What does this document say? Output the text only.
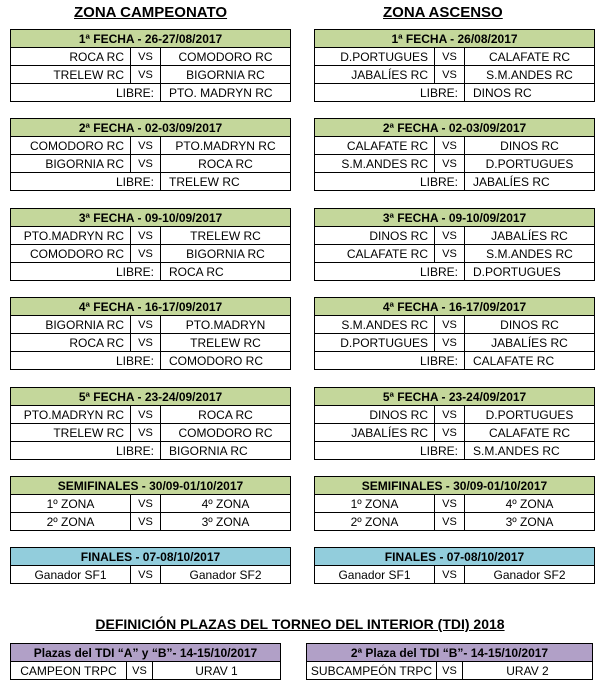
ZONA CAMPEONATO	ZONA ASCENSO
1ª FECHA - 26-27/08/2017		
ROCA RC	VS	COMODORO RC
TRELEW RC	VS	BIGORNIA RC
LIBRE:		PTO. MADRYN RC
1ª FECHA - 26/08/2017		
D.PORTUGUES	VS	CALAFATE RC
JABALÍES RC	VS	S.M.ANDES RC
LIBRE:		DINOS RC
2ª FECHA - 02-03/09/2017		
COMODORO RC	VS	PTO.MADRYN RC
BIGORNIA RC	VS	ROCA RC
LIBRE:		TRELEW RC
2ª FECHA - 02-03/09/2017		
CALAFATE RC	VS	DINOS RC
S.M.ANDES RC	VS	D.PORTUGUES
LIBRE:		JABALÍES RC
3ª FECHA - 09-10/09/2017		
PTO.MADRYN RC	VS	TRELEW RC
COMODORO RC	VS	BIGORNIA RC
LIBRE:		ROCA RC
3ª FECHA - 09-10/09/2017		
DINOS RC	VS	JABALÍES RC
CALAFATE RC	VS	S.M.ANDES RC
LIBRE:		D.PORTUGUES
4ª FECHA - 16-17/09/2017		
BIGORNIA RC	VS	PTO.MADRYN
ROCA RC	VS	TRELEW RC
LIBRE:		COMODORO RC
4ª FECHA - 16-17/09/2017		
S.M.ANDES RC	VS	DINOS RC
D.PORTUGUES	VS	JABALÍES RC
LIBRE:		CALAFATE RC
5ª FECHA - 23-24/09/2017		
PTO.MADRYN RC	VS	ROCA RC
TRELEW RC	VS	COMODORO RC
LIBRE:		BIGORNIA RC
5ª FECHA - 23-24/09/2017		
DINOS RC	VS	D.PORTUGUES
JABALÍES RC	VS	CALAFATE RC
LIBRE:		S.M.ANDES RC
SEMIFINALES - 30/09-01/10/2017		
1º ZONA	VS	4º ZONA
2º ZONA	VS	3º ZONA
SEMIFINALES - 30/09-01/10/2017		
1º ZONA	VS	4º ZONA
2º ZONA	VS	3º ZONA
FINALES - 07-08/10/2017
Ganador SF1	VS	Ganador SF2
FINALES - 07-08/10/2017
Ganador SF1	VS	Ganador SF2
Plazas del TDI “A” y “B”- 14-15/10/2017
CAMPEON TRPC	VS	URAV 1
2ª Plaza del TDI “B”- 14-15/10/2017
SUBCAMPEÓN TRPC	VS	URAV 2
DEFINICIÓN PLAZAS DEL TORNEO DEL INTERIOR (TDI) 2018
